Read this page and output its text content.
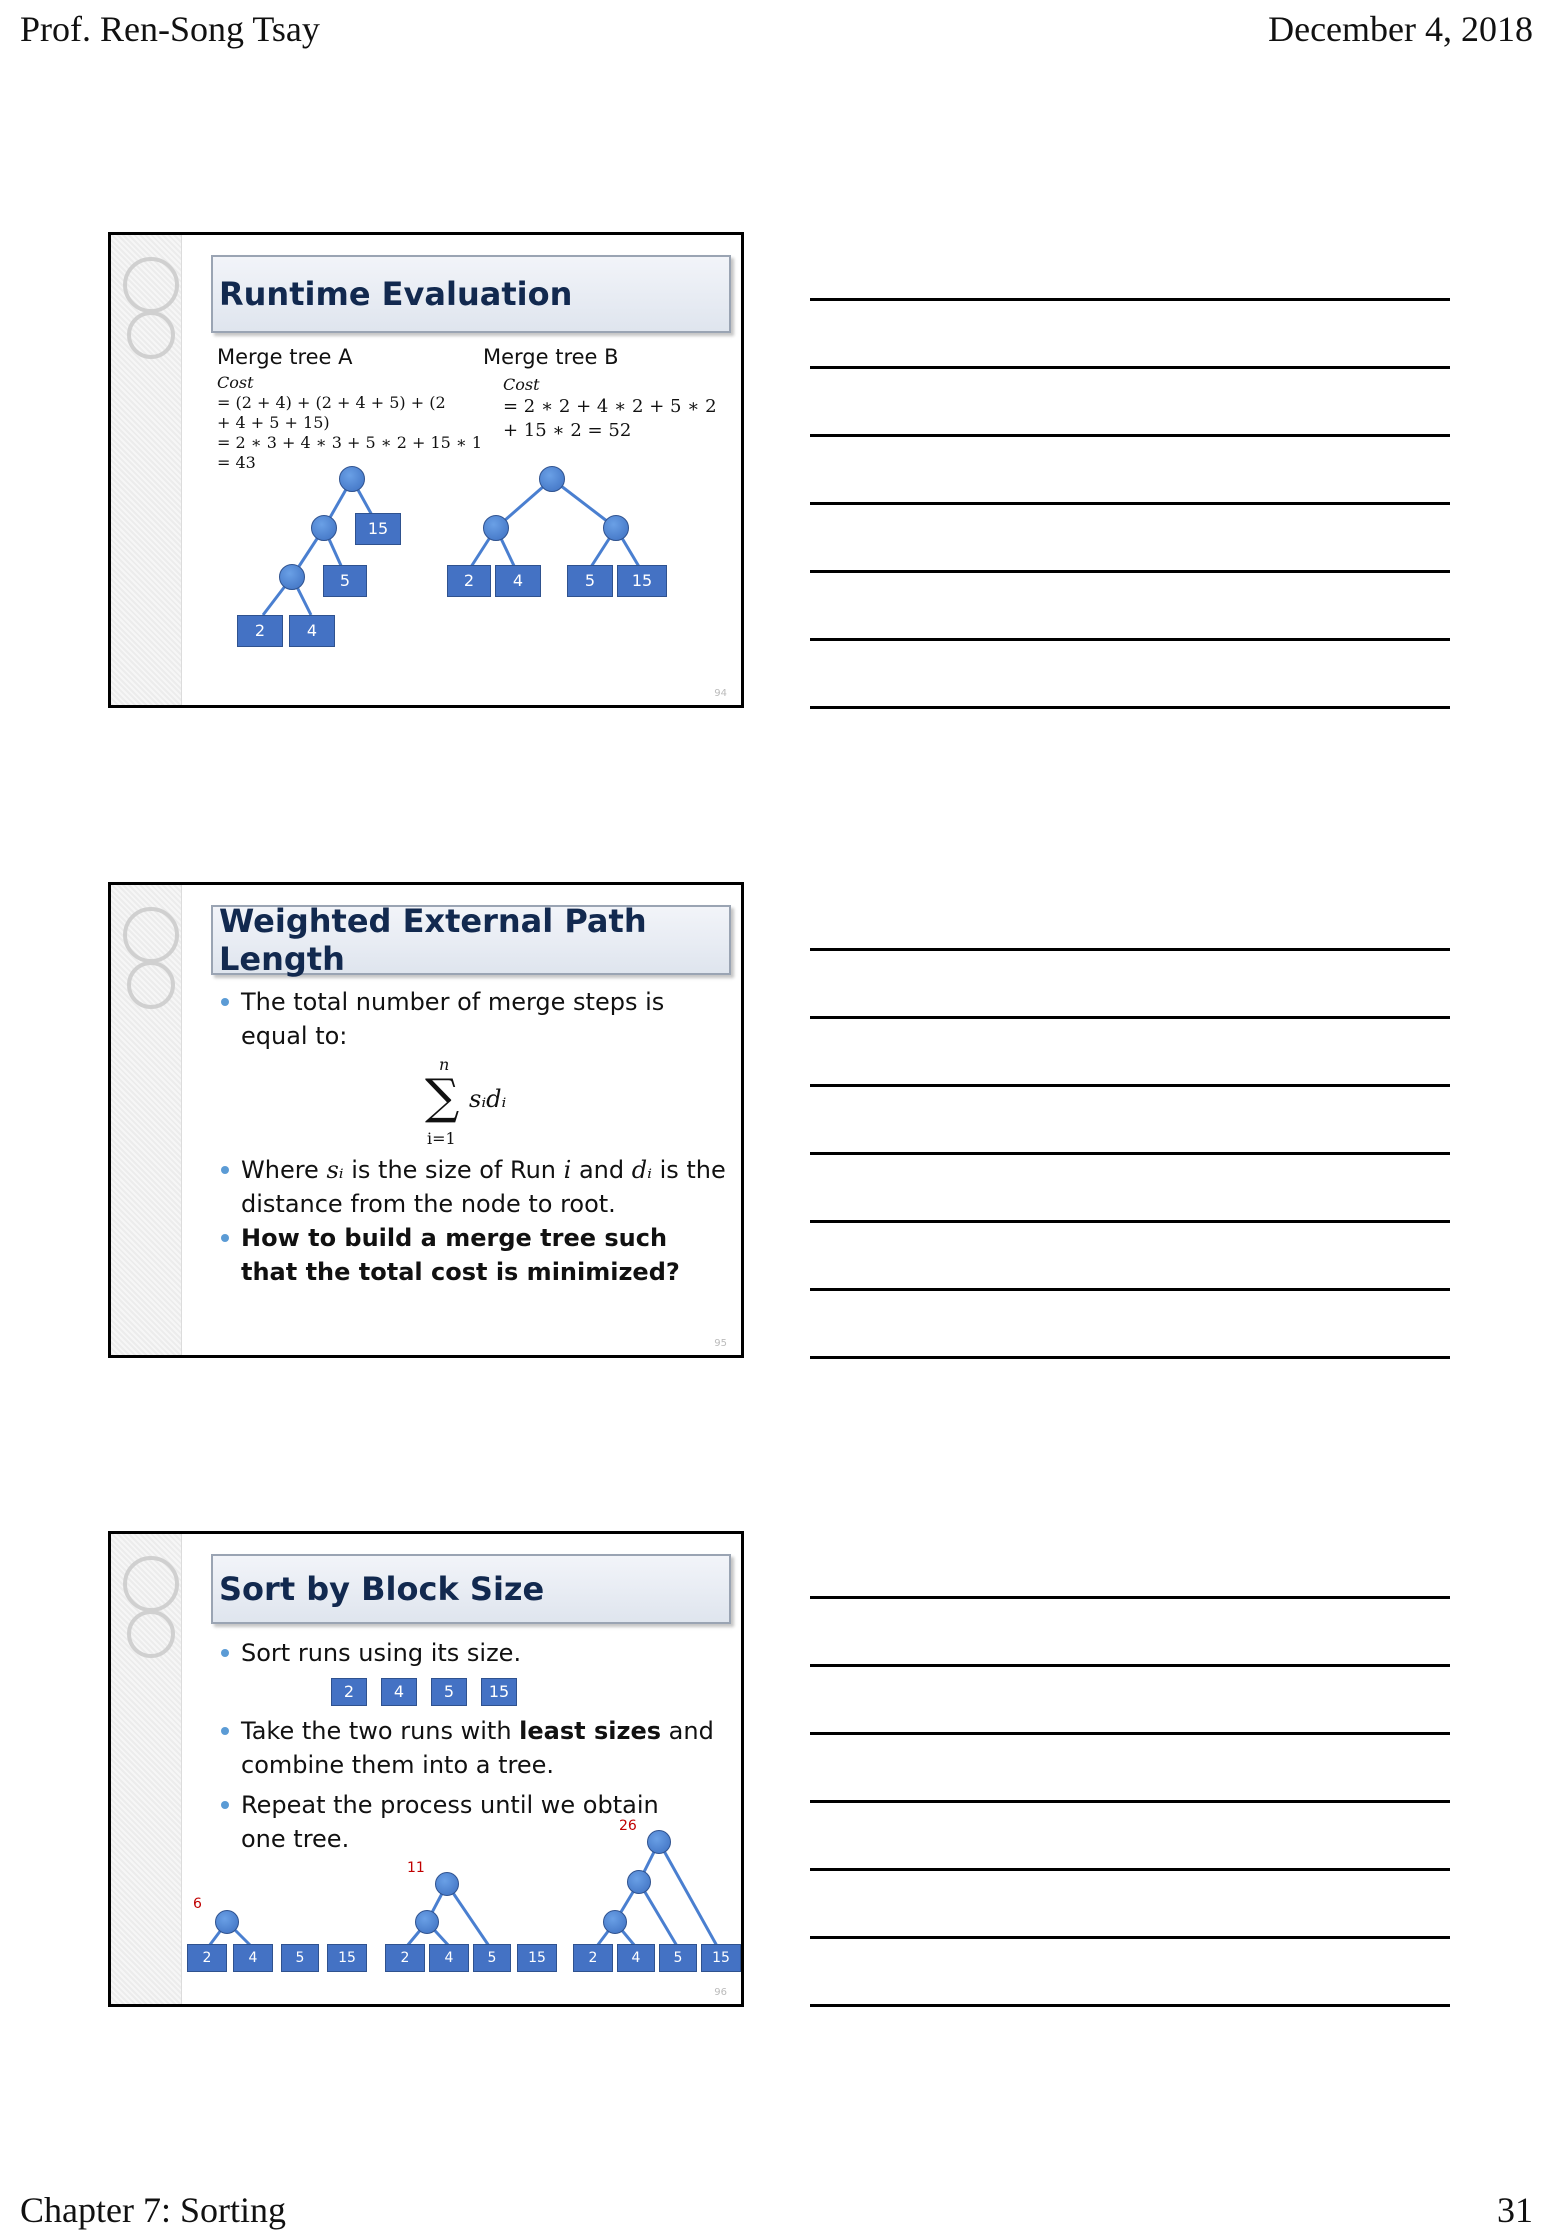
Prof. Ren-Song Tsay	December 4, 2018
Runtime Evaluation
Merge tree A
Cost
= (2 + 4) + (2 + 4 + 5) + (2
+ 4 + 5 + 15)
= 2 ∗ 3 + 4 ∗ 3 + 5 ∗ 2 + 15 ∗ 1
= 43
Merge tree B
Cost
= 2 ∗ 2 + 4 ∗ 2 + 5 ∗ 2
+ 15 ∗ 2 = 52
15
5
2	4
2	4	5	15
94
Weighted External Path Length
The total number of merge steps is equal to:
n
∑ sᵢdᵢ
i=1
Where sᵢ is the size of Run i and dᵢ is the distance from the node to root.
How to build a merge tree such that the total cost is minimized?
95
Sort by Block Size
Sort runs using its size.
2	4	5	15
Take the two runs with least sizes and combine them into a tree.
Repeat the process until we obtain one tree.
6
2	4	5	15
11
2	4	5	15
26
2	4	5	15
96
Chapter 7: Sorting	31
